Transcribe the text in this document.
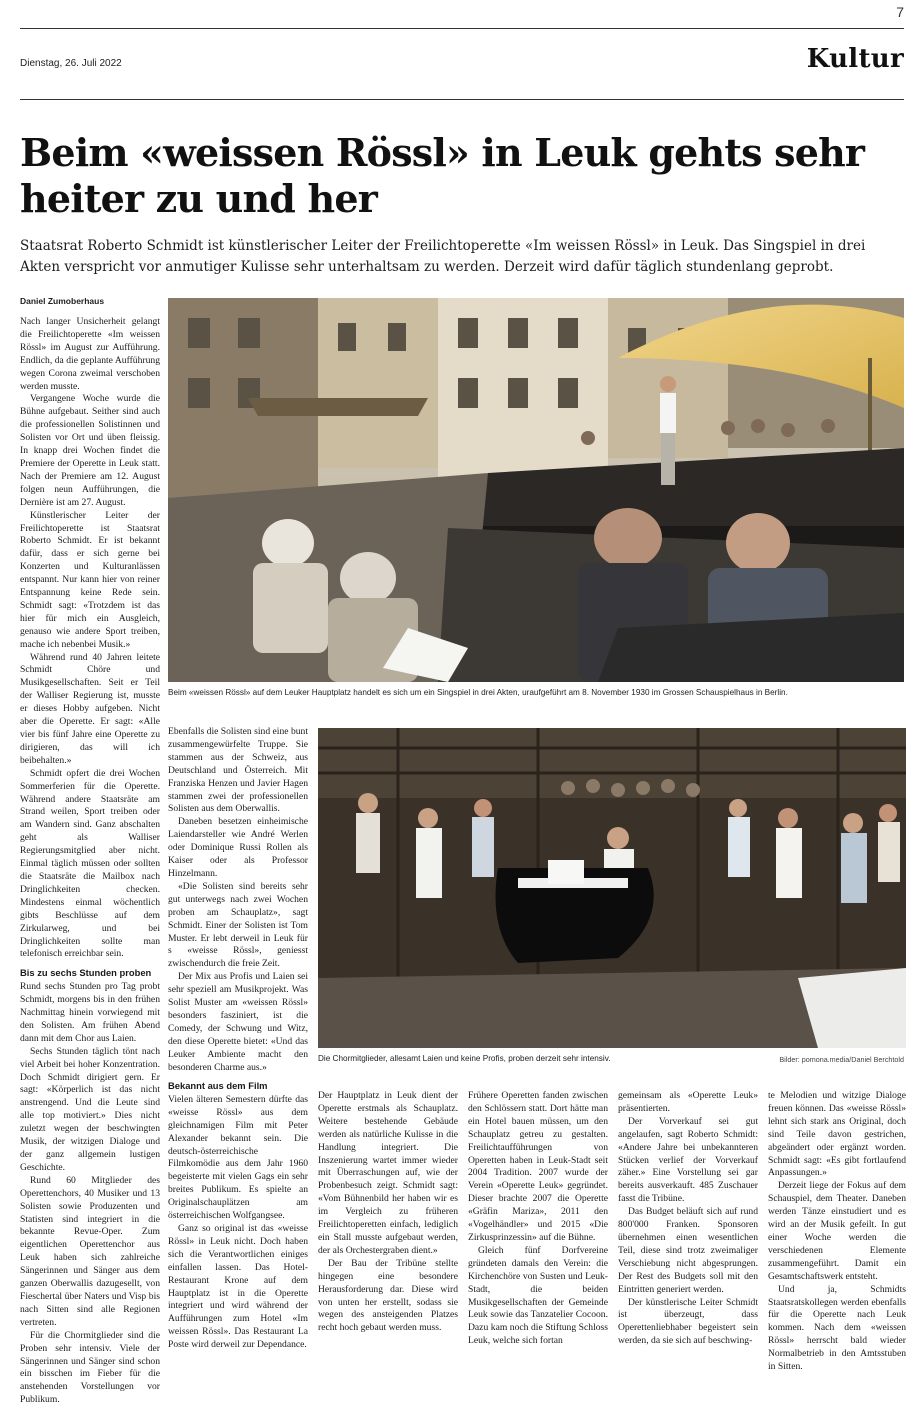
7
Dienstag, 26. Juli 2022	Kultur
Beim «weissen Rössl» in Leuk gehts sehr heiter zu und her
Staatsrat Roberto Schmidt ist künstlerischer Leiter der Freilichtoperette «Im weissen Rössl» in Leuk. Das Singspiel in drei Akten verspricht vor anmutiger Kulisse sehr unterhaltsam zu werden. Derzeit wird dafür täglich stundenlang geprobt.
Daniel Zumoberhaus

Nach langer Unsicherheit gelangt die Freilichtoperette «Im weissen Rössl» im August zur Aufführung. Endlich, da die geplante Aufführung wegen Corona zweimal verschoben werden musste.

Vergangene Woche wurde die Bühne aufgebaut. Seither sind auch die professionellen Solistinnen und Solisten vor Ort und üben fleissig. In knapp drei Wochen findet die Premiere der Operette in Leuk statt. Nach der Premiere am 12. August folgen neun Aufführungen, die Dernière ist am 27. August.

Künstlerischer Leiter der Freilichtoperette ist Staatsrat Roberto Schmidt. Er ist bekannt dafür, dass er sich gerne bei Konzerten und Kulturanlässen entspannt. Nur kann hier von reiner Entspannung keine Rede sein. Schmidt sagt: «Trotzdem ist das hier für mich ein Ausgleich, genauso wie andere Sport treiben, mache ich nebenbei Musik.»

Während rund 40 Jahren leitete Schmidt Chöre und Musikgesellschaften. Seit er Teil der Walliser Regierung ist, musste er dieses Hobby aufgeben. Nicht aber die Operette. Er sagt: «Alle vier bis fünf Jahre eine Operette zu dirigieren, das will ich beibehalten.»

Schmidt opfert die drei Wochen Sommerferien für die Operette. Während andere Staatsräte am Strand weilen, Sport treiben oder am Wandern sind. Ganz abschalten geht als Walliser Regierungsmitglied aber nicht. Einmal täglich müssen oder sollten die Staatsräte die Mailbox nach Dringlichkeiten checken. Mindestens einmal wöchentlich gibts Beschlüsse auf dem Zirkularweg, und bei Dringlichkeiten sollte man telefonisch erreichbar sein.

Bis zu sechs Stunden proben

Rund sechs Stunden pro Tag probt Schmidt, morgens bis in den frühen Nachmittag hinein vorwiegend mit den Solisten. Am frühen Abend dann mit dem Chor aus Laien.

Sechs Stunden täglich tönt nach viel Arbeit bei hoher Konzentration. Doch Schmidt dirigiert gern. Er sagt: «Körperlich ist das nicht anstrengend. Und die Leute sind alle top motiviert.» Dies nicht zuletzt wegen der beschwingten Musik, der witzigen Dialoge und der ganz allgemein lustigen Geschichte.

Rund 60 Mitglieder des Operettenchors, 40 Musiker und 13 Solisten sowie Produzenten und Statisten sind integriert in die bekannte Revue-Oper. Zum eigentlichen Operettenchor aus Leuk haben sich zahlreiche Sängerinnen und Sänger aus dem ganzen Oberwallis dazugesellt, von Fieschertal über Naters und Visp bis nach Sitten sind alle Regionen vertreten.

Für die Chormitglieder sind die Proben sehr intensiv. Viele der Sängerinnen und Sänger sind schon ein bisschen im Fieber für die anstehenden Vorstellungen vor Publikum.

Beim «weissen Rössl» auf dem Leuker Hauptplatz handelt es sich um ein Singspiel in drei Akten, uraufgeführt am 8. November 1930 im Grossen Schauspielhaus in Berlin.

Ebenfalls die Solisten sind eine bunt zusammengewürfelte Truppe. Sie stammen aus der Schweiz, aus Deutschland und Österreich. Mit Franziska Henzen und Javier Hagen stammen zwei der professionellen Solisten aus dem Oberwallis.

Daneben besetzen einheimische Laiendarsteller wie André Werlen oder Dominique Russi Rollen als Kaiser oder als Professor Hinzelmann.

«Die Solisten sind bereits sehr gut unterwegs nach zwei Wochen proben am Schauplatz», sagt Schmidt. Einer der Solisten ist Tom Muster. Er lebt derweil in Leuk für s «weisse Rössl», geniesst zwischendurch die freie Zeit.

Der Mix aus Profis und Laien sei sehr speziell am Musikprojekt. Was Solist Muster am «weissen Rössl» besonders fasziniert, ist die Comedy, der Schwung und Witz, den diese Operette bietet: «Und das Leuker Ambiente macht den besonderen Charme aus.»

Die Chormitglieder, allesamt Laien und keine Profis, proben derzeit sehr intensiv.	Bilder: pomona.media/Daniel Berchtold
Bekannt aus dem Film

Vielen älteren Semestern dürfte das «weisse Rössl» aus dem gleichnamigen Film mit Peter Alexander bekannt sein. Die deutsch-österreichische Filmkomödie aus dem Jahr 1960 begeisterte mit vielen Gags ein sehr breites Publikum. Es spielte an Originalschauplätzen am österreichischen Wolfgangsee.

Ganz so original ist das «weisse Rössl» in Leuk nicht. Doch haben sich die Verantwortlichen einiges einfallen lassen. Das Hotel-Restaurant Krone auf dem Hauptplatz ist in die Operette integriert und wird während der Aufführungen zum Hotel «Im weissen Rössl». Das Restaurant La Poste wird derweil zur Dependance.

Der Hauptplatz in Leuk dient der Operette erstmals als Schauplatz. Weitere bestehende Gebäude werden als natürliche Kulisse in die Handlung integriert. Die Inszenierung wartet immer wieder mit Überraschungen auf, wie der Probenbesuch zeigt. Schmidt sagt: «Vom Bühnenbild her haben wir es im Vergleich zu früheren Freilichtoperetten einfach, lediglich ein Stall musste aufgebaut werden, der als Orchestergraben dient.»

Der Bau der Tribüne stellte hingegen eine besondere Herausforderung dar. Diese wird von unten her erstellt, sodass sie wegen des ansteigenden Platzes recht hoch gebaut werden muss.

Frühere Operetten fanden zwischen den Schlössern statt. Dort hätte man ein Hotel bauen müssen, um den Schauplatz getreu zu gestalten. Freilichtaufführungen von Operetten haben in Leuk-Stadt seit 2004 Tradition. 2007 wurde der Verein «Operette Leuk» gegründet. Dieser brachte 2007 die Operette «Gräfin Mariza», 2011 den «Vogelhändler» und 2015 «Die Zirkusprinzessin» auf die Bühne.

Gleich fünf Dorfvereine gründeten damals den Verein: die Kirchenchöre von Susten und Leuk-Stadt, die beiden Musikgesellschaften der Gemeinde Leuk sowie das Tanzatelier Cocoon. Dazu kam noch die Stiftung Schloss Leuk, welche sich fortan

gemeinsam als «Operette Leuk» präsentierten.

Der Vorverkauf sei gut angelaufen, sagt Roberto Schmidt: «Andere Jahre bei unbekannteren Stücken verlief der Vorverkauf zäher.» Eine Vorstellung sei gar bereits ausverkauft. 485 Zuschauer fasst die Tribüne.

Das Budget beläuft sich auf rund 800'000 Franken. Sponsoren übernehmen einen wesentlichen Teil, diese sind trotz zweimaliger Verschiebung nicht abgesprungen. Der Rest des Budgets soll mit den Eintritten generiert werden.

Der künstlerische Leiter Schmidt ist überzeugt, dass Operettenliebhaber begeistert sein werden, da sie sich auf beschwing-

te Melodien und witzige Dialoge freuen können. Das «weisse Rössl» lehnt sich stark ans Original, doch sind Teile davon gestrichen, abgeändert oder ergänzt worden. Schmidt sagt: «Es gibt fortlaufend Anpassungen.»

Derzeit liege der Fokus auf dem Schauspiel, dem Theater. Daneben werden Tänze einstudiert und es wird an der Musik gefeilt. In gut einer Woche werden die verschiedenen Elemente zusammengeführt. Damit ein Gesamtschaftswerk entsteht.

Und ja, Schmidts Staatsratskollegen werden ebenfalls für die Operette nach Leuk kommen. Nach dem «weissen Rössl» herrscht bald wieder Normalbetrieb in den Amtsstuben in Sitten.
